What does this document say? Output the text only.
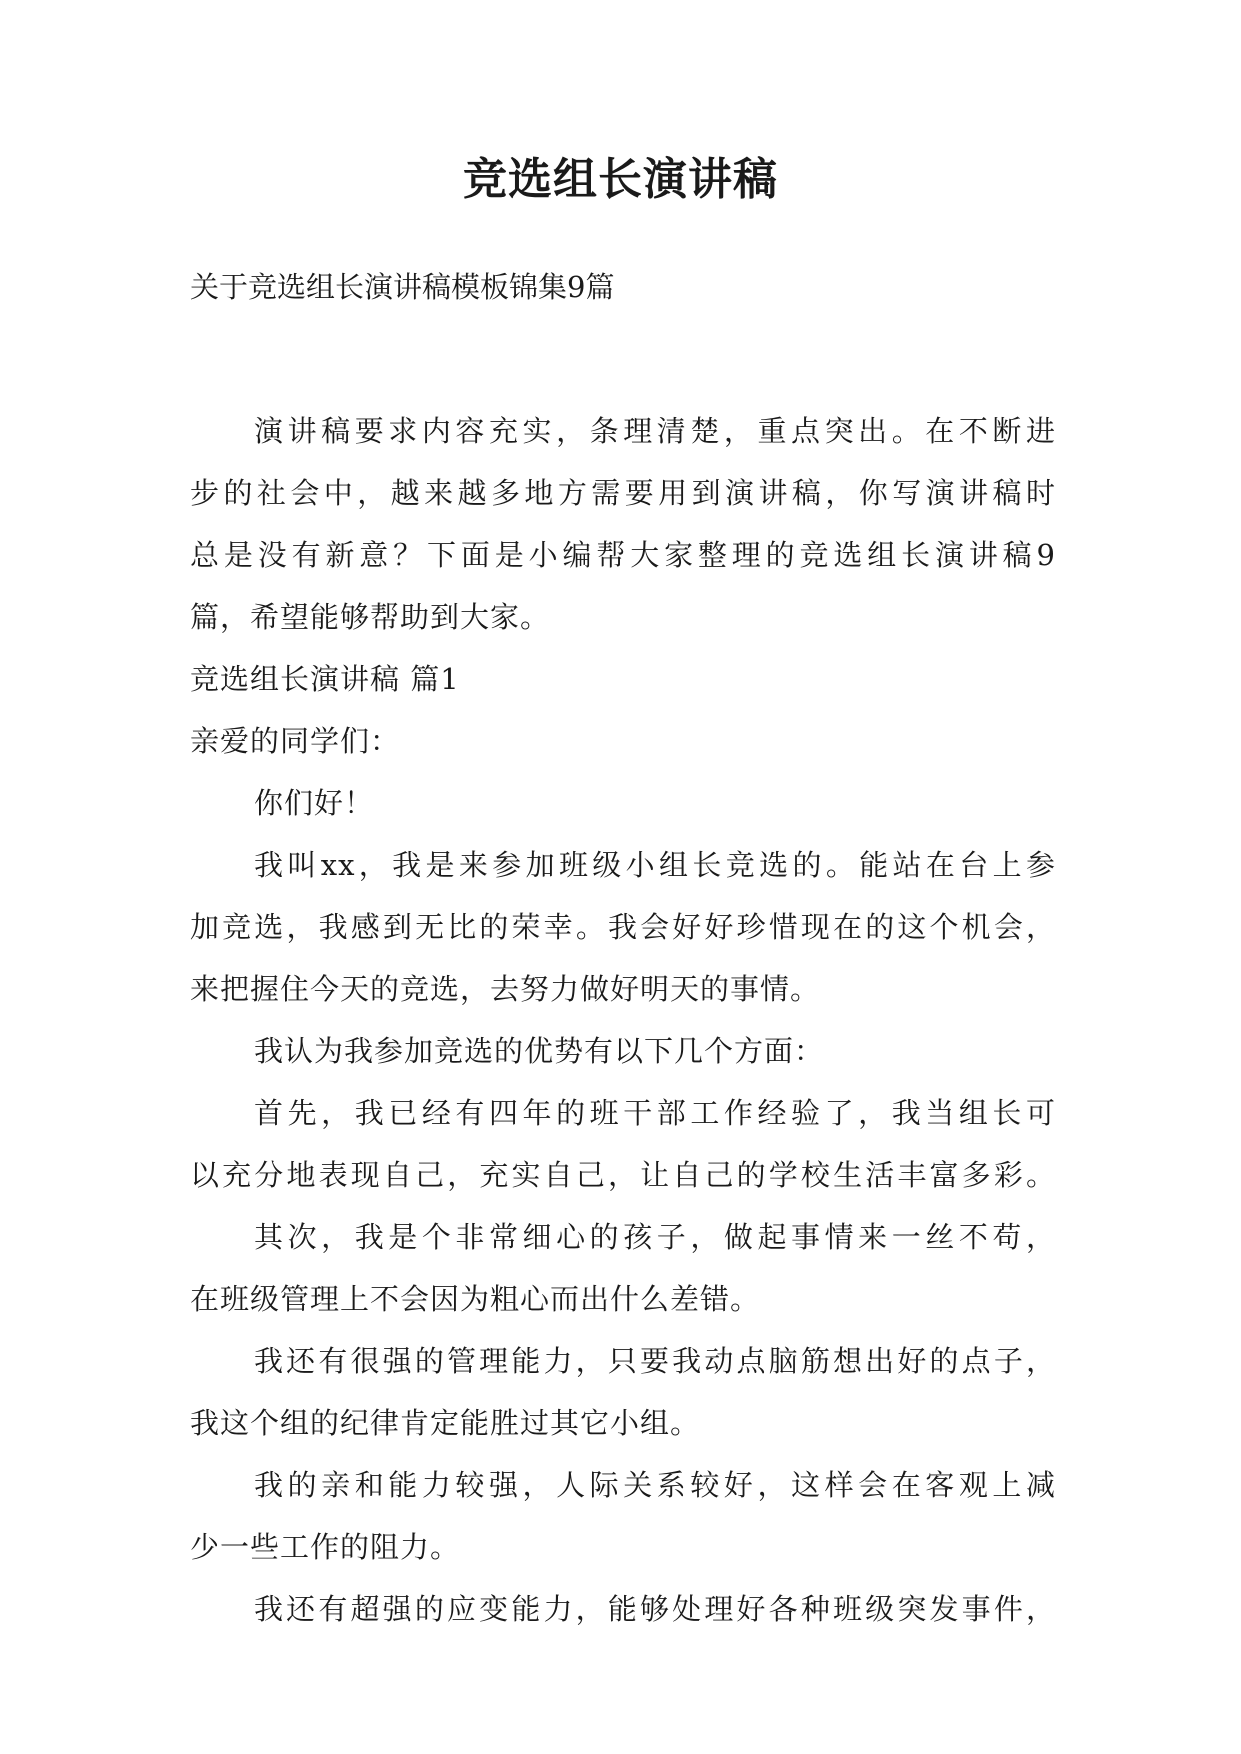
竞选组长演讲稿

关于竞选组长演讲稿模板锦集9篇

演讲稿要求内容充实，条理清楚，重点突出。在不断进
步的社会中，越来越多地方需要用到演讲稿，你写演讲稿时
总是没有新意？下面是小编帮大家整理的竞选组长演讲稿9
篇，希望能够帮助到大家。
竞选组长演讲稿 篇1
亲爱的同学们：
你们好！
我叫xx，我是来参加班级小组长竞选的。能站在台上参
加竞选，我感到无比的荣幸。我会好好珍惜现在的这个机会，
来把握住今天的竞选，去努力做好明天的事情。
我认为我参加竞选的优势有以下几个方面：
首先，我已经有四年的班干部工作经验了，我当组长可
以充分地表现自己，充实自己，让自己的学校生活丰富多彩。
其次，我是个非常细心的孩子，做起事情来一丝不苟，
在班级管理上不会因为粗心而出什么差错。
我还有很强的管理能力，只要我动点脑筋想出好的点子，
我这个组的纪律肯定能胜过其它小组。
我的亲和能力较强，人际关系较好，这样会在客观上减
少一些工作的阻力。
我还有超强的应变能力，能够处理好各种班级突发事件，
